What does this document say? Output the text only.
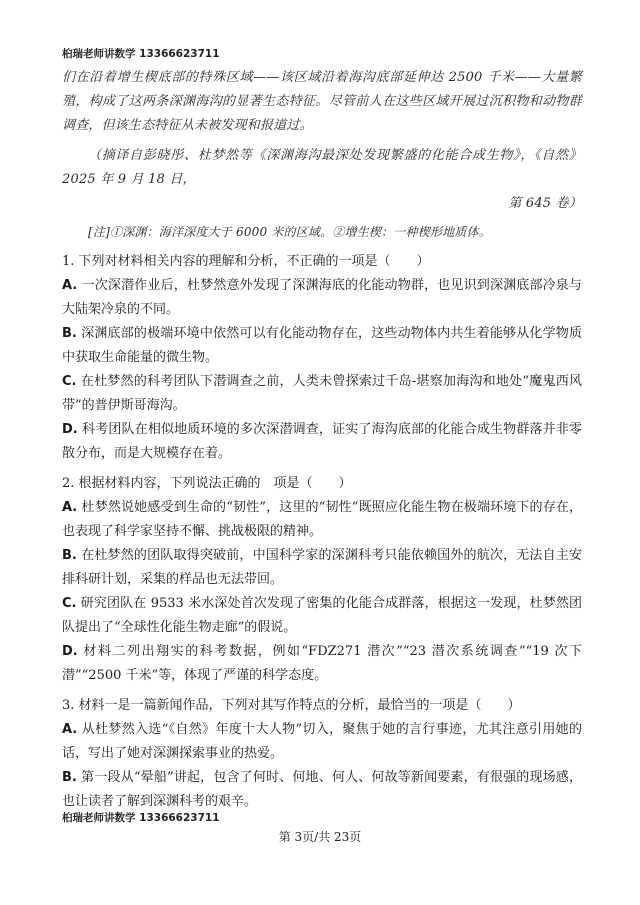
桕瑞老师讲数学 13366623711

们在沿着增生楔底部的特殊区域——该区域沿着海沟底部延伸达 2500 千米——大量繁殖，构成了这两条深渊海沟的显著生态特征。尽管前人在这些区域开展过沉积物和动物群调查，但该生态特征从未被发现和报道过。

（摘译自彭晓彤、杜梦然等《深渊海沟最深处发现繁盛的化能合成生物》，《自然》2025 年 9 月 18 日，

第 645 卷）

[注]①深渊：海洋深度大于 6000 米的区域。②增生楔：一种楔形地质体。

1. 下列对材料相关内容的理解和分析，不正确的一项是（　　）

A. 一次深潜作业后，杜梦然意外发现了深渊海底的化能动物群，也见识到深渊底部冷泉与大陆架冷泉的不同。

B. 深渊底部的极端环境中依然可以有化能动物存在，这些动物体内共生着能够从化学物质中获取生命能量的微生物。

C. 在杜梦然的科考团队下潜调查之前，人类未曾探索过千岛-堪察加海沟和地处“魔鬼西风带”的普伊斯哥海沟。

D. 科考团队在相似地质环境的多次深潜调查，证实了海沟底部的化能合成生物群落并非零散分布，而是大规模存在着。

2. 根据材料内容，下列说法正确的　项是（　　）

A. 杜梦然说她感受到生命的“韧性”，这里的“韧性”既照应化能生物在极端环境下的存在，也表现了科学家坚持不懈、挑战极限的精神。

B. 在杜梦然的团队取得突破前，中国科学家的深渊科考只能依赖国外的航次，无法自主安排科研计划，采集的样品也无法带回。

C. 研究团队在 9533 米水深处首次发现了密集的化能合成群落，根据这一发现，杜梦然团队提出了“全球性化能生物走廊”的假说。

D. 材料二列出翔实的科考数据，例如“FDZ271 潜次”“23 潜次系统调查”“19 次下潜”“2500 千米”等，体现了严谨的科学态度。

3. 材料一是一篇新闻作品，下列对其写作特点的分析，最恰当的一项是（　　）

A. 从杜梦然入选“《自然》年度十大人物”切入，聚焦于她的言行事迹，尤其注意引用她的话，写出了她对深渊探索事业的热爱。

B. 第一段从“晕船”讲起，包含了何时、何地、何人、何故等新闻要素，有很强的现场感，也让读者了解到深渊科考的艰辛。

桕瑞老师讲数学 13366623711
第 3页/共 23页
